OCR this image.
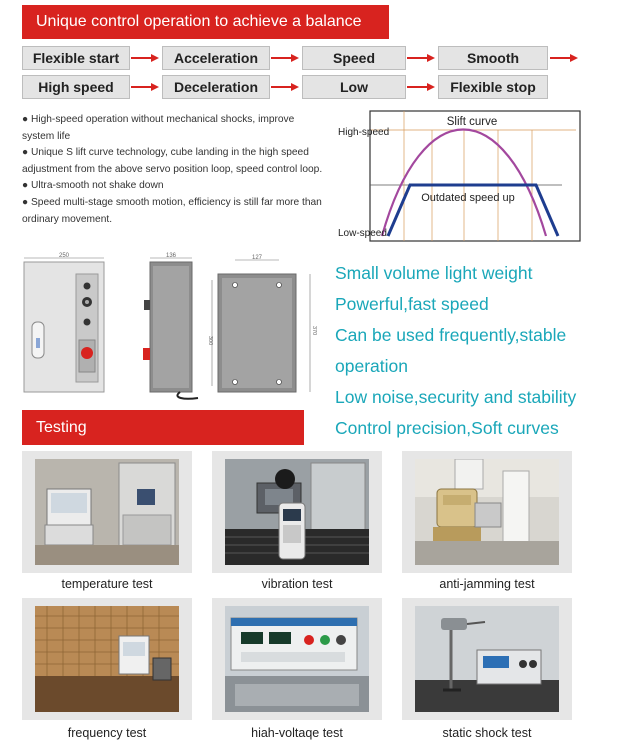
Unique control operation to achieve a balance
Flexible start	Acceleration	Speed	Smooth
High speed	Deceleration	Low	Flexible stop

● High-speed operation without mechanical shocks, improve system life

● Unique S lift curve technology, cube landing in the high speed adjustment from the above servo position loop, speed control loop.

● Ultra-smooth not shake down

● Speed multi-stage smooth motion, efficiency is still far more than ordinary movement.

Slift curve
High-speed
Low-speed
Outdated speed up
250	136	127
300
370
Small volume light weight
Powerful,fast speed
Can be used frequently,stable
operation
Low noise,security and stability
Control precision,Soft curves
Testing
temperature test	vibration test	anti-jamming test
frequency test	hiah-voltaqe test	static shock test
